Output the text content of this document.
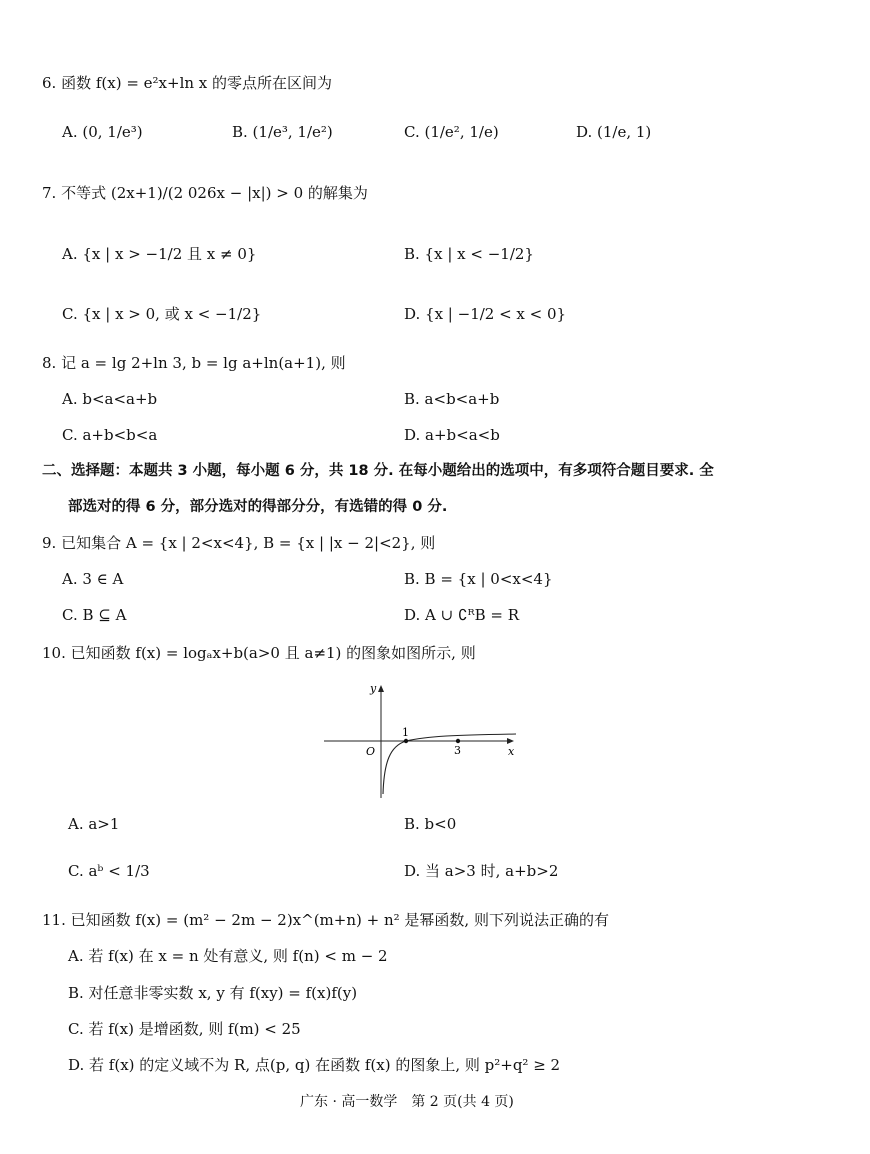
6. 函数 f(x) = e²x+ln x 的零点所在区间为
A. (0, 1/e³)	B. (1/e³, 1/e²)	C. (1/e², 1/e)	D. (1/e, 1)
7. 不等式 (2x+1)/(2 026x − |x|) > 0 的解集为
A. {x | x > −1/2 且 x ≠ 0}	B. {x | x < −1/2}
C. {x | x > 0, 或 x < −1/2}	D. {x | −1/2 < x < 0}
8. 记 a = lg 2+ln 3, b = lg a+ln(a+1), 则
A. b<a<a+b	B. a<b<a+b
C. a+b<b<a	D. a+b<a<b
二、选择题：本题共 3 小题，每小题 6 分，共 18 分. 在每小题给出的选项中，有多项符合题目要求. 全
部选对的得 6 分，部分选对的得部分分，有选错的得 0 分.
9. 已知集合 A = {x | 2<x<4}, B = {x | |x − 2|<2}, 则
A. 3 ∈ A	B. B = {x | 0<x<4}
C. B ⊆ A	D. A ∪ ∁ᴿB = R
10. 已知函数 f(x) = logₐx+b(a>0 且 a≠1) 的图象如图所示, 则
y
x
O
1
3
A. a>1	B. b<0
C. aᵇ < 1/3	D. 当 a>3 时, a+b>2
11. 已知函数 f(x) = (m² − 2m − 2)x^(m+n) + n² 是幂函数, 则下列说法正确的有
A. 若 f(x) 在 x = n 处有意义, 则 f(n) < m − 2
B. 对任意非零实数 x, y 有 f(xy) = f(x)f(y)
C. 若 f(x) 是增函数, 则 f(m) < 25
D. 若 f(x) 的定义域不为 R, 点(p, q) 在函数 f(x) 的图象上, 则 p²+q² ≥ 2
广东 · 高一数学　第 2 页(共 4 页)
